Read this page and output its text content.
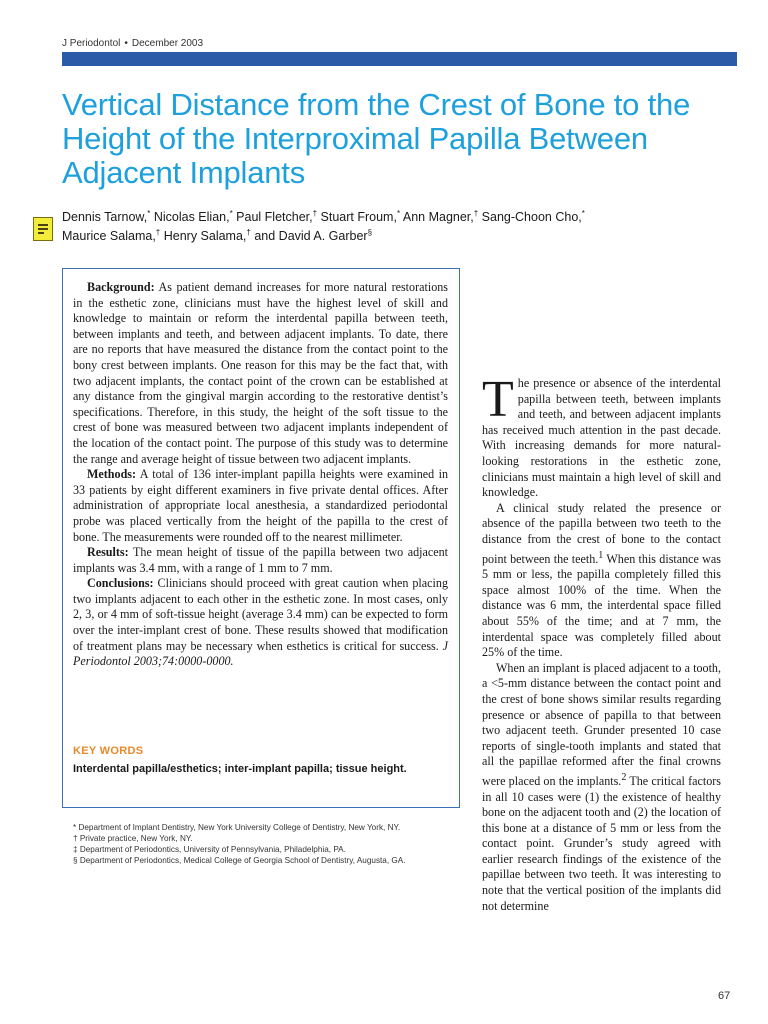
J Periodontol • December 2003
Vertical Distance from the Crest of Bone to the Height of the Interproximal Papilla Between Adjacent Implants
Dennis Tarnow,* Nicolas Elian,* Paul Fletcher,† Stuart Froum,* Ann Magner,† Sang-Choon Cho,*
Maurice Salama,† Henry Salama,† and David A. Garber§

Background: As patient demand increases for more natural restorations in the esthetic zone, clinicians must have the highest level of skill and knowledge to maintain or reform the interdental papilla between teeth, between implants and teeth, and between adjacent implants. To date, there are no reports that have measured the distance from the contact point to the bony crest between implants. One reason for this may be the fact that, with two adjacent implants, the contact point of the crown can be established at any distance from the gingival margin according to the restorative dentist’s specifications. Therefore, in this study, the height of the soft tissue to the crest of bone was measured between two adjacent implants independent of the location of the contact point. The purpose of this study was to determine the range and average height of tissue between two adjacent implants.

Methods: A total of 136 inter-implant papilla heights were examined in 33 patients by eight different examiners in five private dental offices. After administration of appropriate local anesthesia, a standardized periodontal probe was placed vertically from the height of the papilla to the crest of bone. The measurements were rounded off to the nearest millimeter.

Results: The mean height of tissue of the papilla between two adjacent implants was 3.4 mm, with a range of 1 mm to 7 mm.

Conclusions: Clinicians should proceed with great caution when placing two implants adjacent to each other in the esthetic zone. In most cases, only 2, 3, or 4 mm of soft-tissue height (average 3.4 mm) can be expected to form over the inter-implant crest of bone. These results showed that modification of treatment plans may be necessary when esthetics is critical for success. J Periodontol 2003;74:0000-0000.

KEY WORDS
Interdental papilla/esthetics; inter-implant papilla; tissue height.
* Department of Implant Dentistry, New York University College of Dentistry, New York, NY.
† Private practice, New York, NY.
‡ Department of Periodontics, University of Pennsylvania, Philadelphia, PA.
§ Department of Periodontics, Medical College of Georgia School of Dentistry, Augusta, GA.

The presence or absence of the interdental papilla between teeth, between implants and teeth, and between adjacent implants has received much attention in the past decade. With increasing demands for more natural-looking restorations in the esthetic zone, clinicians must maintain a high level of skill and knowledge.

A clinical study related the presence or absence of the papilla between two teeth to the distance from the crest of bone to the contact point between the teeth.$^1$ When this distance was 5 mm or less, the papilla completely filled this space almost 100% of the time. When the distance was 6 mm, the interdental space filled about 55% of the time; and at 7 mm, the interdental space was completely filled about 25% of the time.

When an implant is placed adjacent to a tooth, a <5-mm distance between the contact point and the crest of bone shows similar results regarding presence or absence of papilla to that between two adjacent teeth. Grunder presented 10 case reports of single-tooth implants and stated that all the papillae reformed after the final crowns were placed on the implants.$^2$ The critical factors in all 10 cases were (1) the existence of healthy bone on the adjacent tooth and (2) the location of this bone at a distance of 5 mm or less from the contact point. Grunder’s study agreed with earlier research findings of the existence of the papillae between two teeth. It was interesting to note that the vertical position of the implants did not determine

67
